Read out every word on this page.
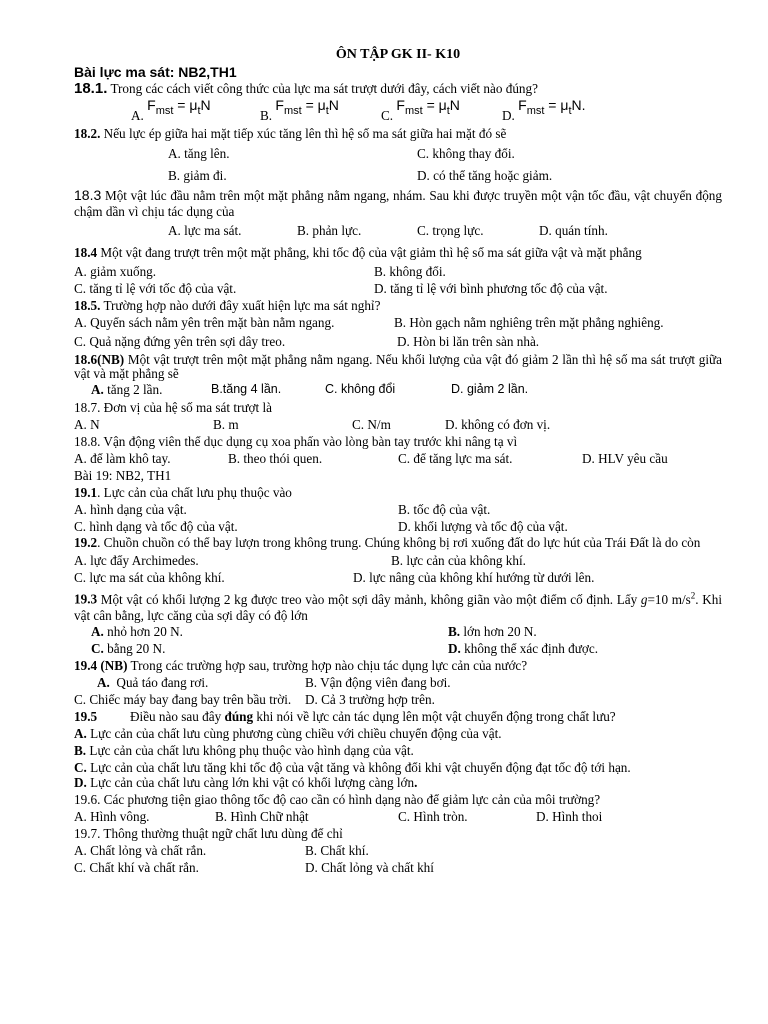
ÔN TẬP GK II- K10
Bài lực ma sát: NB2,TH1
18.1. Trong các cách viết công thức của lực ma sát trượt dưới đây, cách viết nào đúng?
A. $F_{mst} = \mu_tN$
B. $F_{mst} = \mu_tN$
C. $F_{mst} = \mu_tN$
D. $F_{mst} = \mu_tN$.
18.2. Nếu lực ép giữa hai mặt tiếp xúc tăng lên thì hệ số ma sát giữa hai mặt đó sẽ
A. tăng lên.	C. không thay đổi.
B. giảm đi.	D. có thể tăng hoặc giảm.
18.3 Một vật lúc đầu nằm trên một mặt phẳng nằm ngang, nhám. Sau khi được truyền một vận tốc đầu, vật chuyển động chậm dần vì chịu tác dụng của
A. lực ma sát.	B. phản lực.	C. trọng lực.	D. quán tính.
18.4 Một vật đang trượt trên một mặt phẳng, khi tốc độ của vật giảm thì hệ số ma sát giữa vật và mặt phẳng
A. giảm xuống.	B. không đổi.
C. tăng tỉ lệ với tốc độ của vật.	D. tăng tỉ lệ với bình phương tốc độ của vật.
18.5. Trường hợp nào dưới đây xuất hiện lực ma sát nghỉ?
A. Quyển sách nằm yên trên mặt bàn nằm ngang.	B. Hòn gạch nằm nghiêng trên mặt phẳng nghiêng.
C. Quả nặng đứng yên trên sợi dây treo.	D. Hòn bi lăn trên sàn nhà.
18.6(NB) Một vật trượt trên một mặt phẳng nằm ngang. Nếu khối lượng của vật đó giảm 2 lần thì hệ số ma sát trượt giữa vật và mặt phẳng sẽ
A. tăng 2 lần.	B.tăng 4 lần.	C. không đổi	D. giảm 2 lần.
18.7. Đơn vị của hệ số ma sát trượt là
A. N	B. m	C. N/m	D. không có đơn vị.
18.8. Vận động viên thể dục dụng cụ xoa phấn vào lòng bàn tay trước khi nâng tạ vì
A. để làm khô tay.	B. theo thói quen.	C. để tăng lực ma sát.	D. HLV yêu cầu
Bài 19: NB2, TH1
19.1. Lực cản của chất lưu phụ thuộc vào
A. hình dạng của vật.	B. tốc độ của vật.
C. hình dạng và tốc độ của vật.	D. khối lượng và tốc độ của vật.
19.2. Chuồn chuồn có thể bay lượn trong không trung. Chúng không bị rơi xuống đất do lực hút của Trái Đất là do còn
A. lực đẩy Archimedes.	B. lực cản của không khí.
C. lực ma sát của không khí.	D. lực nâng của không khí hướng từ dưới lên.
19.3 Một vật có khối lượng 2 kg được treo vào một sợi dây mảnh, không giãn vào một điểm cố định. Lấy g=10 $m/s^2$. Khi vật cân bằng, lực căng của sợi dây có độ lớn
A. nhỏ hơn 20 N.	B. lớn hơn 20 N.
C. bằng 20 N.	D. không thể xác định được.
19.4 (NB) Trong các trường hợp sau, trường hợp nào chịu tác dụng lực cản của nước?
A. Quả táo đang rơi.	B. Vận động viên đang bơi.
C. Chiếc máy bay đang bay trên bầu trời. D. Cả 3 trường hợp trên.
19.5 Điều nào sau đây đúng khi nói về lực cản tác dụng lên một vật chuyển động trong chất lưu?
A. Lực cản của chất lưu cùng phương cùng chiều với chiều chuyển động của vật.
B. Lực cản của chất lưu không phụ thuộc vào hình dạng của vật.
C. Lực cản của chất lưu tăng khi tốc độ của vật tăng và không đổi khi vật chuyển động đạt tốc độ tới hạn.
D. Lực cản của chất lưu càng lớn khi vật có khối lượng càng lớn.
19.6. Các phương tiện giao thông tốc độ cao cần có hình dạng nào để giảm lực cản của môi trường?
A. Hình vông.	B. Hình Chữ nhật	C. Hình tròn.	D. Hình thoi
19.7. Thông thường thuật ngữ chất lưu dùng để chỉ
A. Chất lỏng và chất rắn.	B. Chất khí.
C. Chất khí và chất rắn.	D. Chất lỏng và chất khí
